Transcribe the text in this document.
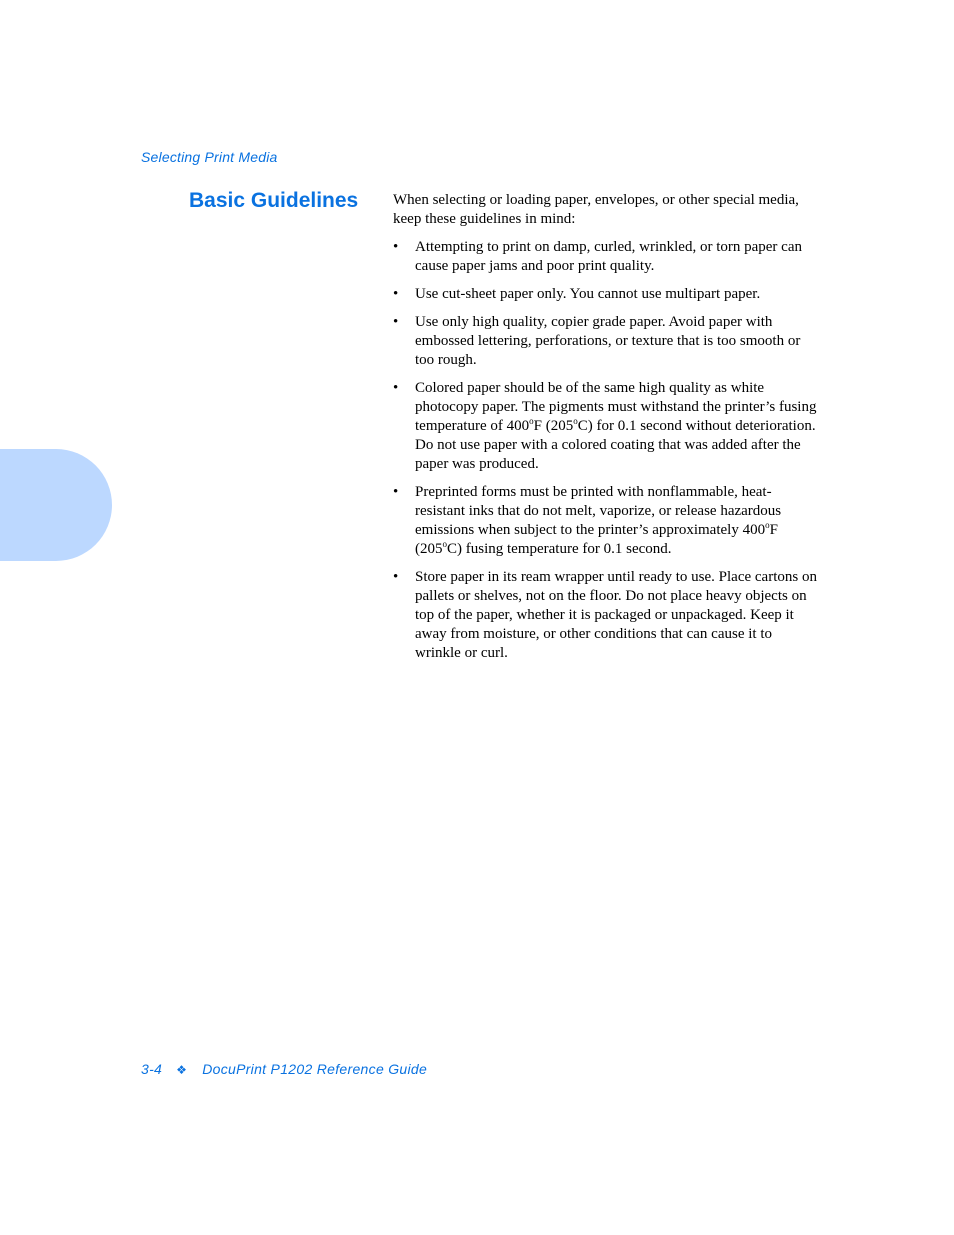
Selecting Print Media
Basic Guidelines When selecting or loading paper, envelopes, or other special media, keep these guidelines in mind:

• Attempting to print on damp, curled, wrinkled, or torn paper can cause paper jams and poor print quality.
• Use cut-sheet paper only. You cannot use multipart paper.
• Use only high quality, copier grade paper. Avoid paper with embossed lettering, perforations, or texture that is too smooth or too rough.
• Colored paper should be of the same high quality as white photocopy paper. The pigments must withstand the printer’s fusing temperature of 400$^o$F (205$^o$C) for 0.1 second without deterioration. Do not use paper with a colored coating that was added after the paper was produced.
• Preprinted forms must be printed with nonflammable, heat-resistant inks that do not melt, vaporize, or release hazardous emissions when subject to the printer’s approximately 400$^o$F (205$^o$C) fusing temperature for 0.1 second.
• Store paper in its ream wrapper until ready to use. Place cartons on pallets or shelves, not on the floor. Do not place heavy objects on top of the paper, whether it is packaged or unpackaged. Keep it away from moisture, or other conditions that can cause it to wrinkle or curl.
3-4 ❖ DocuPrint P1202 Reference Guide
